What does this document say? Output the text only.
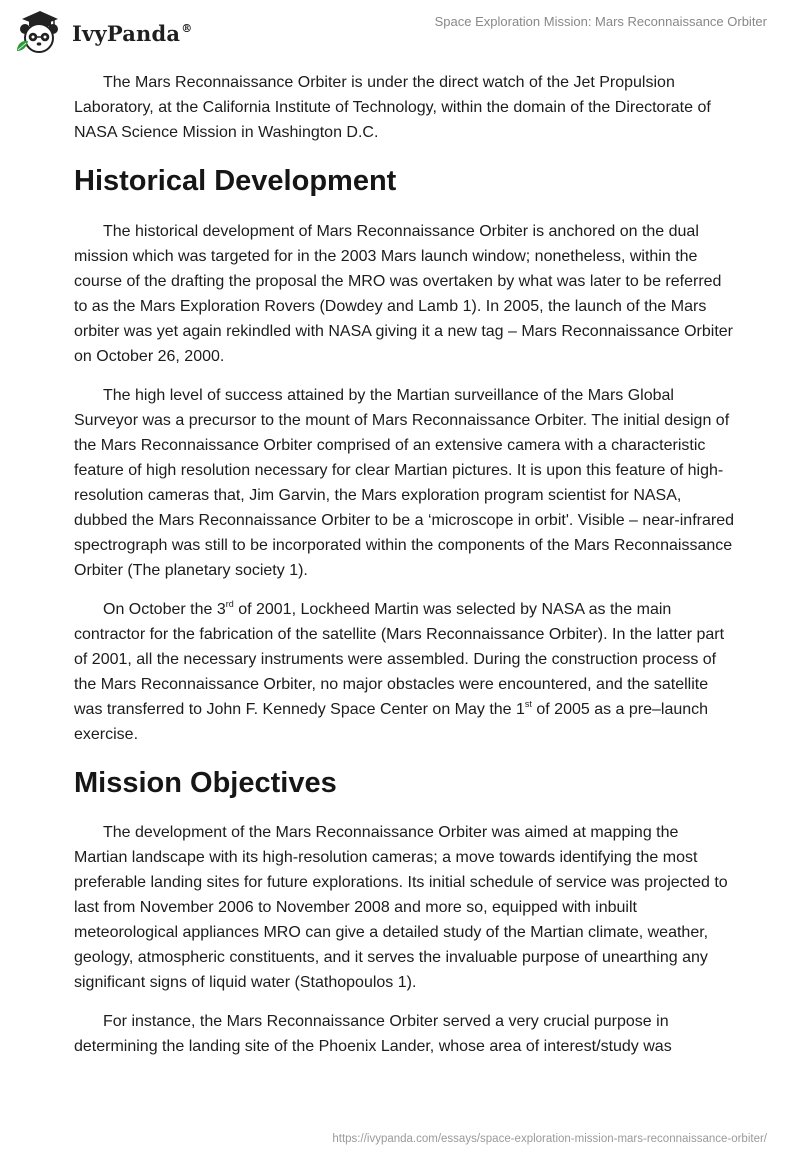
IvyPanda®	Space Exploration Mission: Mars Reconnaissance Orbiter

The Mars Reconnaissance Orbiter is under the direct watch of the Jet Propulsion Laboratory, at the California Institute of Technology, within the domain of the Directorate of NASA Science Mission in Washington D.C.

Historical Development

The historical development of Mars Reconnaissance Orbiter is anchored on the dual mission which was targeted for in the 2003 Mars launch window; nonetheless, within the course of the drafting the proposal the MRO was overtaken by what was later to be referred to as the Mars Exploration Rovers (Dowdey and Lamb 1). In 2005, the launch of the Mars orbiter was yet again rekindled with NASA giving it a new tag – Mars Reconnaissance Orbiter on October 26, 2000.

The high level of success attained by the Martian surveillance of the Mars Global Surveyor was a precursor to the mount of Mars Reconnaissance Orbiter. The initial design of the Mars Reconnaissance Orbiter comprised of an extensive camera with a characteristic feature of high resolution necessary for clear Martian pictures. It is upon this feature of high-resolution cameras that, Jim Garvin, the Mars exploration program scientist for NASA, dubbed the Mars Reconnaissance Orbiter to be a ‘microscope in orbit'. Visible – near-infrared spectrograph was still to be incorporated within the components of the Mars Reconnaissance Orbiter (The planetary society 1).

On October the 3rd of 2001, Lockheed Martin was selected by NASA as the main contractor for the fabrication of the satellite (Mars Reconnaissance Orbiter). In the latter part of 2001, all the necessary instruments were assembled. During the construction process of the Mars Reconnaissance Orbiter, no major obstacles were encountered, and the satellite was transferred to John F. Kennedy Space Center on May the 1st of 2005 as a pre–launch exercise.

Mission Objectives

The development of the Mars Reconnaissance Orbiter was aimed at mapping the Martian landscape with its high-resolution cameras; a move towards identifying the most preferable landing sites for future explorations. Its initial schedule of service was projected to last from November 2006 to November 2008 and more so, equipped with inbuilt meteorological appliances MRO can give a detailed study of the Martian climate, weather, geology, atmospheric constituents, and it serves the invaluable purpose of unearthing any significant signs of liquid water (Stathopoulos 1).

For instance, the Mars Reconnaissance Orbiter served a very crucial purpose in determining the landing site of the Phoenix Lander, whose area of interest/study was

https://ivypanda.com/essays/space-exploration-mission-mars-reconnaissance-orbiter/
